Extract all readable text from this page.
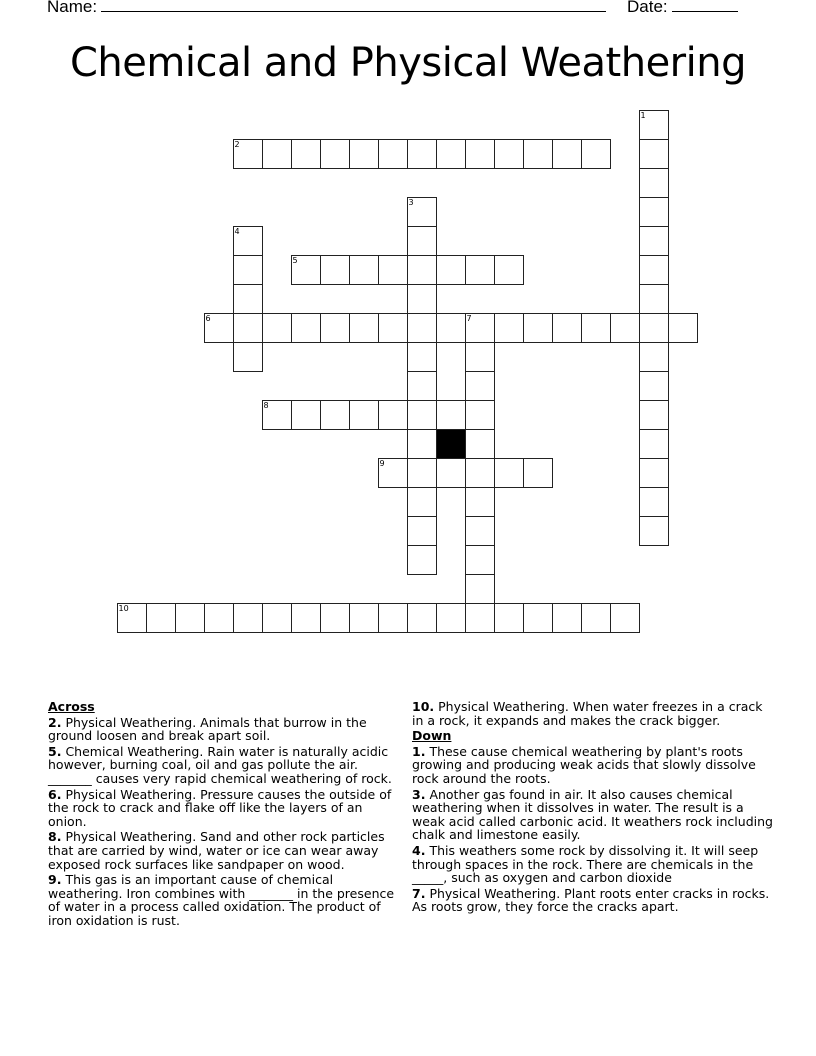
Name:	Date:
Chemical and Physical Weathering
1
2
3
4
5
6	7
8
9
10
Across
2. Physical Weathering. Animals that burrow in the ground loosen and break apart soil.
5. Chemical Weathering. Rain water is naturally acidic however, burning coal, oil and gas pollute the air. _______ causes very rapid chemical weathering of rock.
6. Physical Weathering. Pressure causes the outside of the rock to crack and flake off like the layers of an onion.
8. Physical Weathering. Sand and other rock particles that are carried by wind, water or ice can wear away exposed rock surfaces like sandpaper on wood.
9. This gas is an important cause of chemical weathering. Iron combines with _______ in the presence of water in a process called oxidation. The product of iron oxidation is rust.
10. Physical Weathering. When water freezes in a crack in a rock, it expands and makes the crack bigger.
Down
1. These cause chemical weathering by plant's roots growing and producing weak acids that slowly dissolve rock around the roots.
3. Another gas found in air. It also causes chemical weathering when it dissolves in water. The result is a weak acid called carbonic acid. It weathers rock including chalk and limestone easily.
4. This weathers some rock by dissolving it. It will seep through spaces in the rock. There are chemicals in the _____, such as oxygen and carbon dioxide
7. Physical Weathering. Plant roots enter cracks in rocks. As roots grow, they force the cracks apart.
